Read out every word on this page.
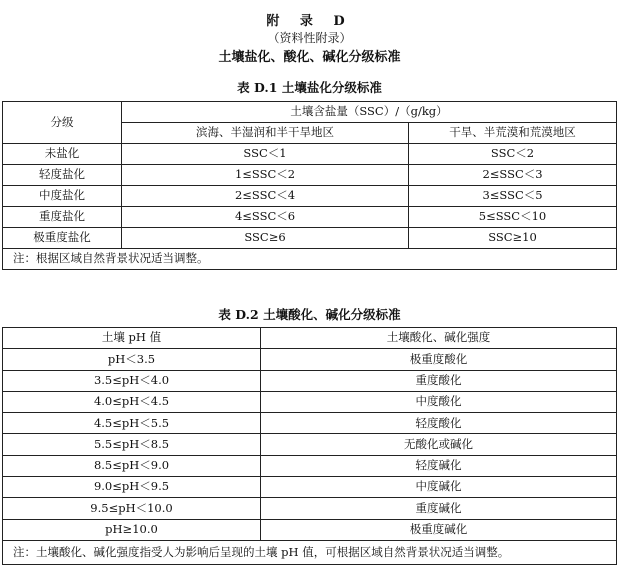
附 录 D
（资料性附录）
土壤盐化、酸化、碱化分级标准
表 D.1 土壤盐化分级标准
分级	土壤含盐量（SSC）/（g/kg）	
	滨海、半湿润和半干旱地区	干旱、半荒漠和荒漠地区
未盐化	SSC＜1	SSC＜2
轻度盐化	1≤SSC＜2	2≤SSC＜3
中度盐化	2≤SSC＜4	3≤SSC＜5
重度盐化	4≤SSC＜6	5≤SSC＜10
极重度盐化	SSC≥6	SSC≥10
注：根据区域自然背景状况适当调整。		
表 D.2 土壤酸化、碱化分级标准
土壤 pH 值	土壤酸化、碱化强度
pH＜3.5	极重度酸化
3.5≤pH＜4.0	重度酸化
4.0≤pH＜4.5	中度酸化
4.5≤pH＜5.5	轻度酸化
5.5≤pH＜8.5	无酸化或碱化
8.5≤pH＜9.0	轻度碱化
9.0≤pH＜9.5	中度碱化
9.5≤pH＜10.0	重度碱化
pH≥10.0	极重度碱化
注：土壤酸化、碱化强度指受人为影响后呈现的土壤 pH 值，可根据区域自然背景状况适当调整。	
